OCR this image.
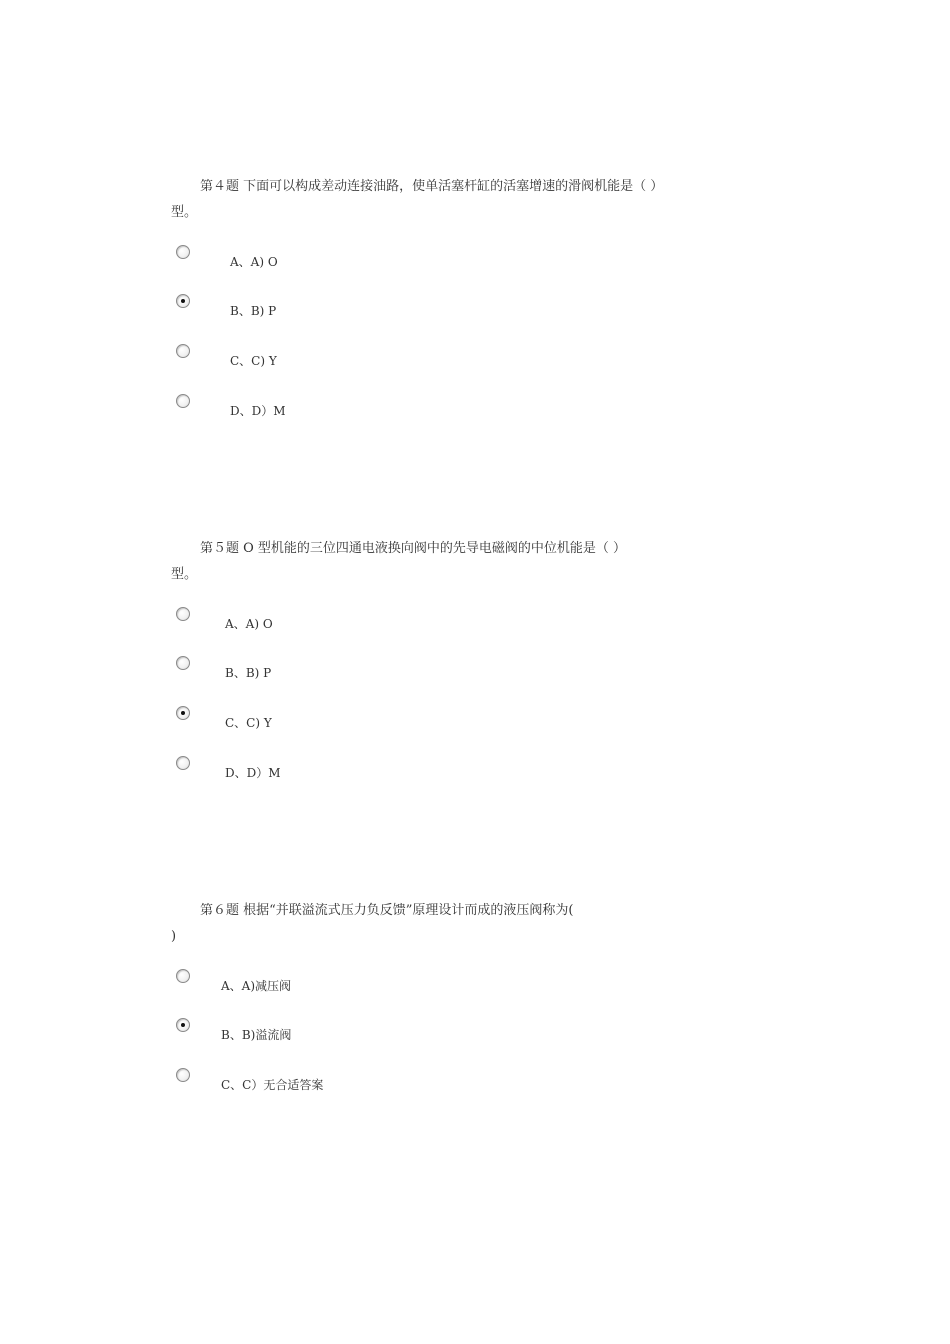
第４题 下面可以构成差动连接油路，使单活塞杆缸的活塞增速的滑阀机能是（ ）
型。
A、A) O
B、B) P
C、C) Y
D、D）M
第５题 O 型机能的三位四通电液换向阀中的先导电磁阀的中位机能是（ ）
型。
A、A) O
B、B) P
C、C) Y
D、D）M
第６题 根据“并联溢流式压力负反馈”原理设计而成的液压阀称为(
)
A、A)减压阀
B、B)溢流阀
C、C）无合适答案
